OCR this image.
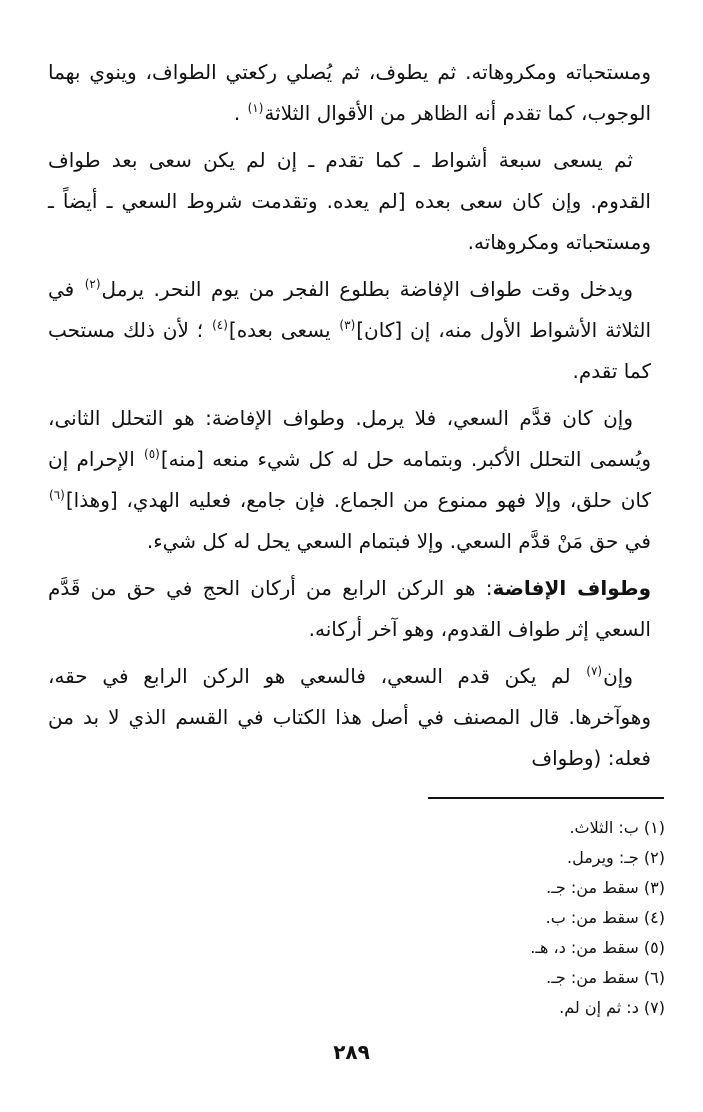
ومستحباته ومكروهاته. ثم يطوف، ثم يُصلي ركعتي الطواف، وينوي بهما الوجوب، كما تقدم أنه الظاهر من الأقوال الثلاثة$^{(١)}$ .

ثم يسعى سبعة أشواط ـ كما تقدم ـ إن لم يكن سعى بعد طواف القدوم. وإن كان سعى بعده [لم يعده. وتقدمت شروط السعي ـ أيضاً ـ ومستحباته ومكروهاته.

ويدخل وقت طواف الإفاضة بطلوع الفجر من يوم النحر. يرمل$^{(٢)}$ في الثلاثة الأشواط الأول منه، إن [كان]$^{(٣)}$ يسعى بعده]$^{(٤)}$ ؛ لأن ذلك مستحب كما تقدم.

وإن كان قدَّم السعي، فلا يرمل. وطواف الإفاضة: هو التحلل الثانى، ويُسمى التحلل الأكبر. وبتمامه حل له كل شيء منعه [منه]$^{(٥)}$ الإحرام إن كان حلق، وإلا فهو ممنوع من الجماع. فإن جامع، فعليه الهدي، [وهذا]$^{(٦)}$ في حق مَنْ قدَّم السعي. وإلا فبتمام السعي يحل له كل شيء.

وطواف الإفاضة: هو الركن الرابع من أركان الحج في حق من قَدَّم السعي إثر طواف القدوم، وهو آخر أركانه.

وإن$^{(٧)}$ لم يكن قدم السعي، فالسعي هو الركن الرابع في حقه، وهوآخرها. قال المصنف في أصل هذا الكتاب في القسم الذي لا بد من فعله: (وطواف

(١) ب: الثلاث.
(٢) جـ: ويرمل.
(٣) سقط من: جـ.
(٤) سقط من: ب.
(٥) سقط من: د، هـ.
(٦) سقط من: جـ.
(٧) د: ثم إن لم.
٢٨٩
